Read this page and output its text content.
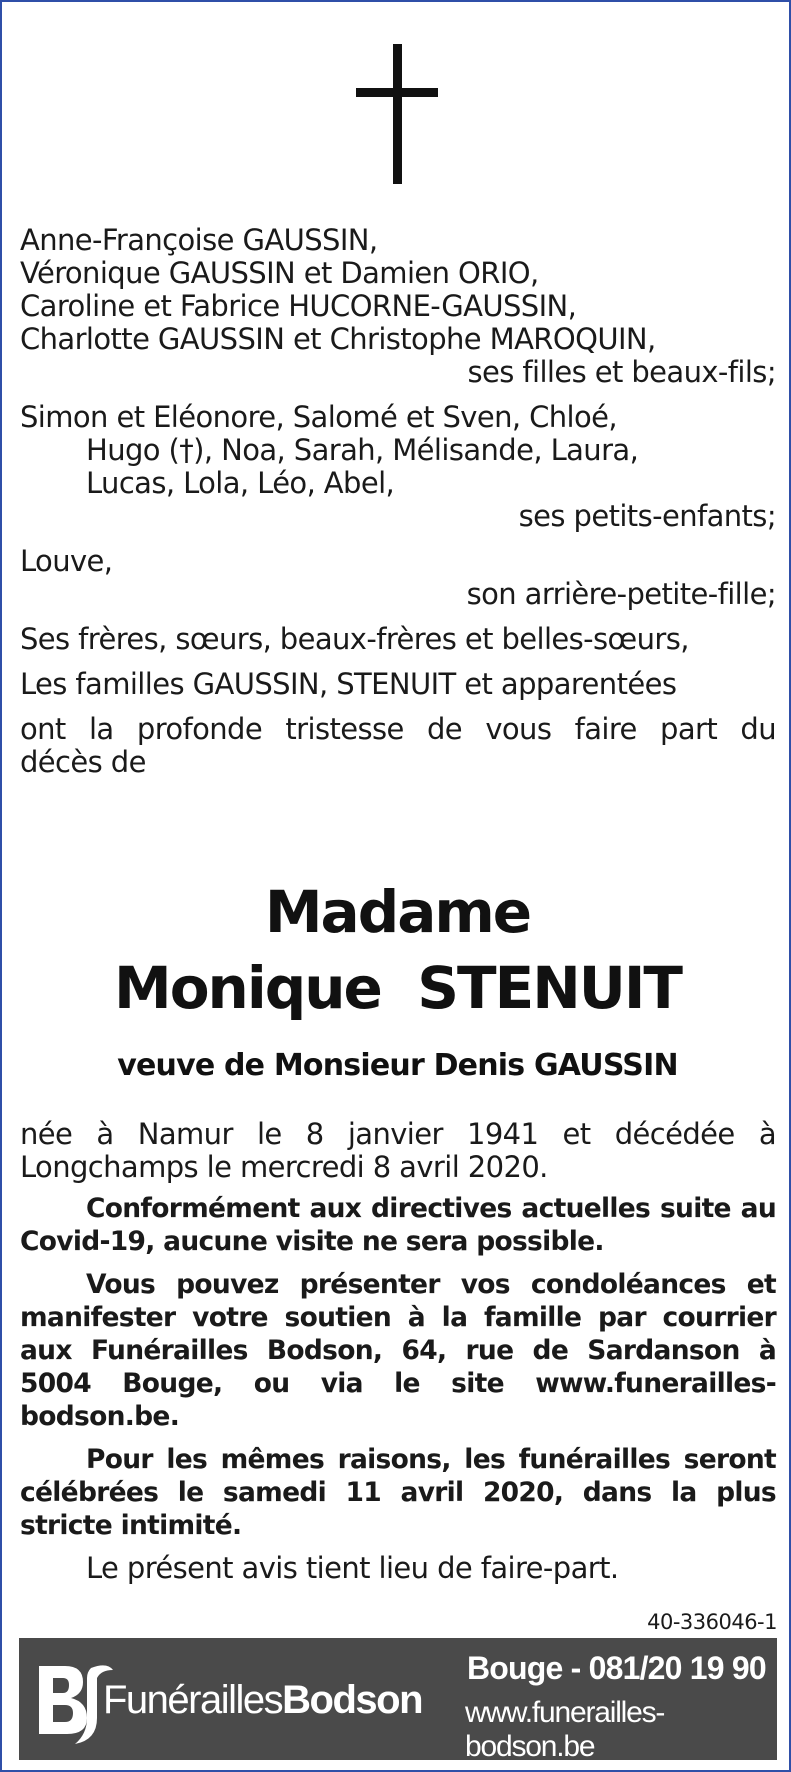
Anne-Françoise GAUSSIN,
Véronique GAUSSIN et Damien ORIO,
Caroline et Fabrice HUCORNE-GAUSSIN,
Charlotte GAUSSIN et Christophe MAROQUIN,
ses filles et beaux-fils;
Simon et Eléonore, Salomé et Sven, Chloé,
Hugo (†), Noa, Sarah, Mélisande, Laura,
Lucas, Lola, Léo, Abel,
ses petits-enfants;
Louve,
son arrière-petite-fille;
Ses frères, sœurs, beaux-frères et belles-sœurs,
Les familles GAUSSIN, STENUIT et apparentées
ont la profonde tristesse de vous faire part du
décès de
Madame
Monique  STENUIT
veuve de Monsieur Denis GAUSSIN
née à Namur le 8 janvier 1941 et décédée à Longchamps le mercredi 8 avril 2020.
Conformément aux directives actuelles suite au Covid-19, aucune visite ne sera possible.
Vous pouvez présenter vos condoléances et manifester votre soutien à la famille par courrier aux Funérailles Bodson, 64, rue de Sardanson à 5004 Bouge, ou via le site www.funerailles-bodson.be.
Pour les mêmes raisons, les funérailles seront célébrées le samedi 11 avril 2020, dans la plus stricte intimité.
Le présent avis tient lieu de faire-part.
40-336046-1
FunéraillesBodson
Bouge - 081/20 19 90
www.funerailles-bodson.be
